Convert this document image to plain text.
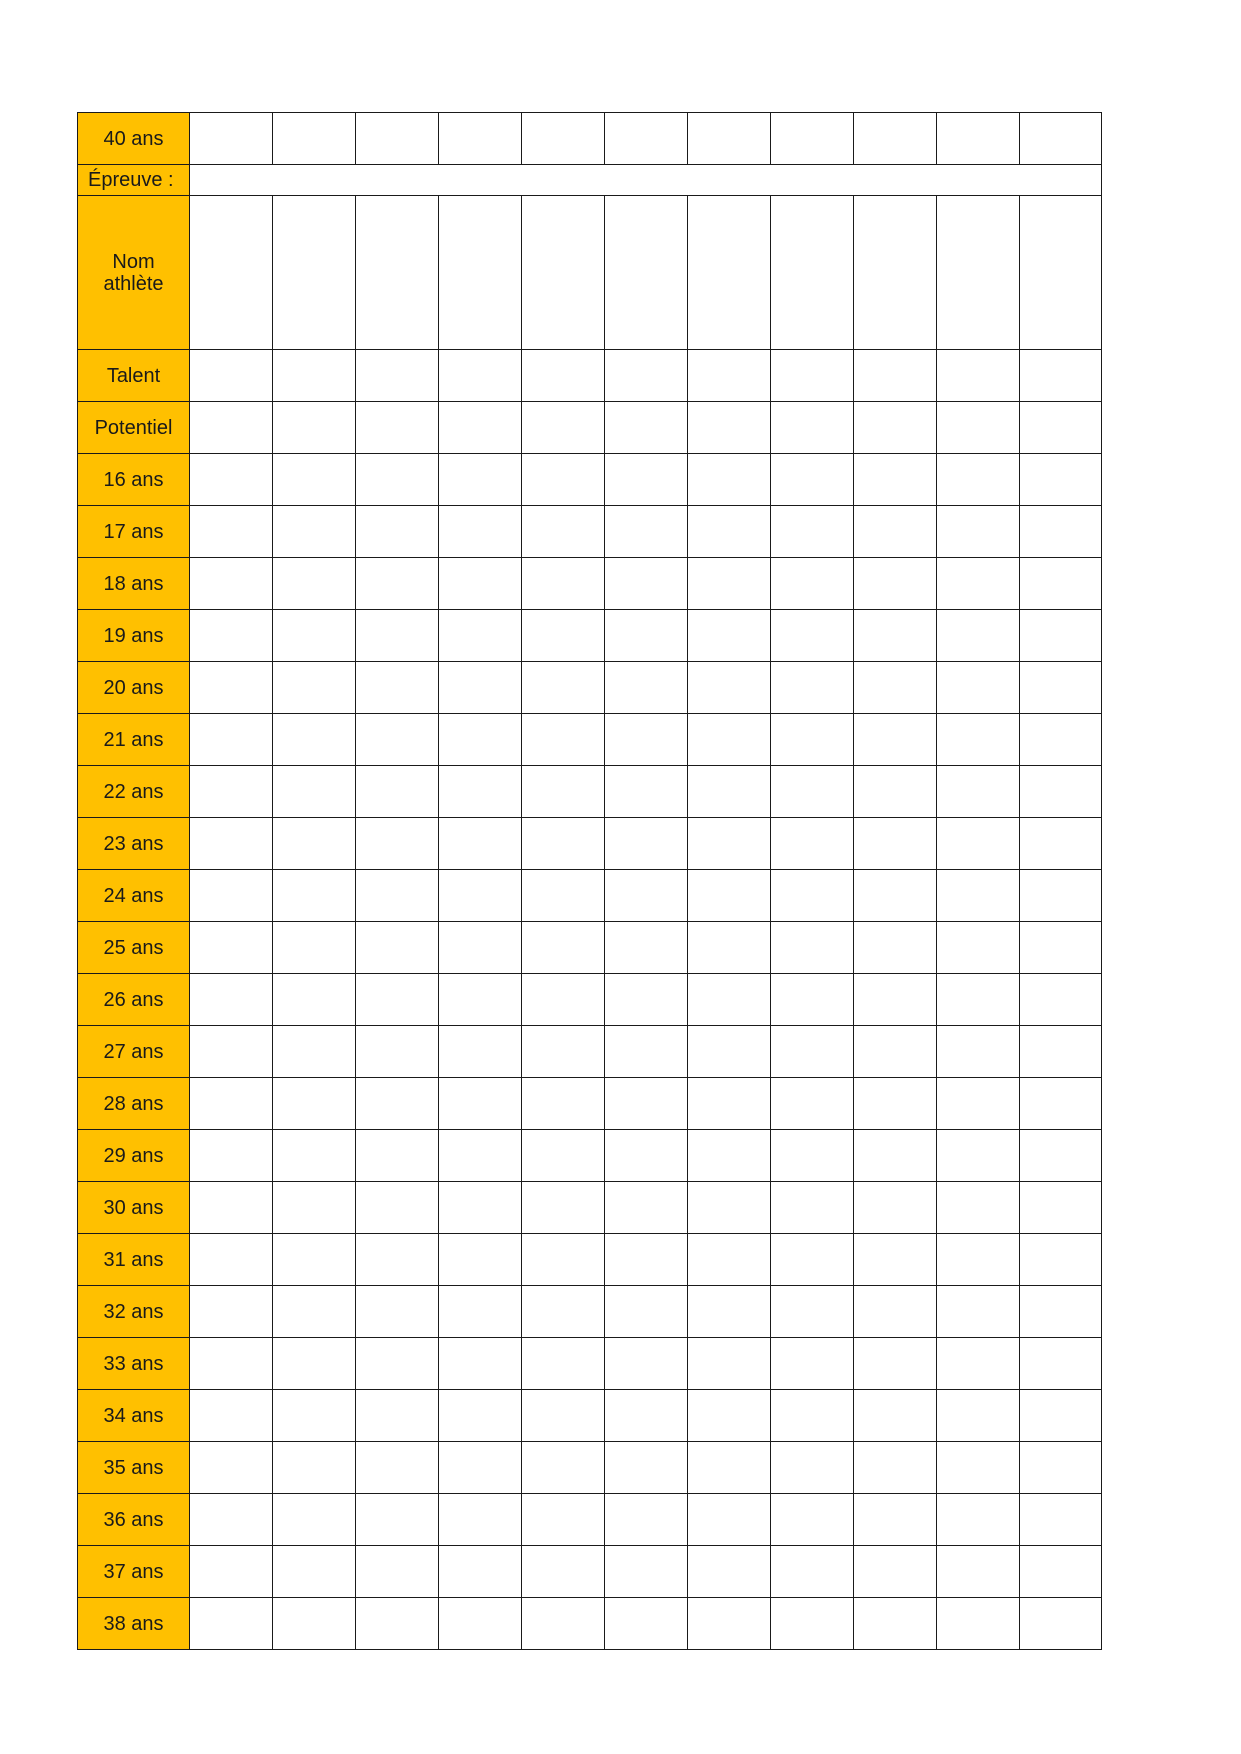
40 ans											
Épreuve :											

Nom
athlète											

Talent											
Potentiel											
16 ans											
17 ans											
18 ans											
19 ans											
20 ans											
21 ans											
22 ans											
23 ans											
24 ans											
25 ans											
26 ans											
27 ans											
28 ans											
29 ans											
30 ans											
31 ans											
32 ans											
33 ans											
34 ans											
35 ans											
36 ans											
37 ans											
38 ans											
